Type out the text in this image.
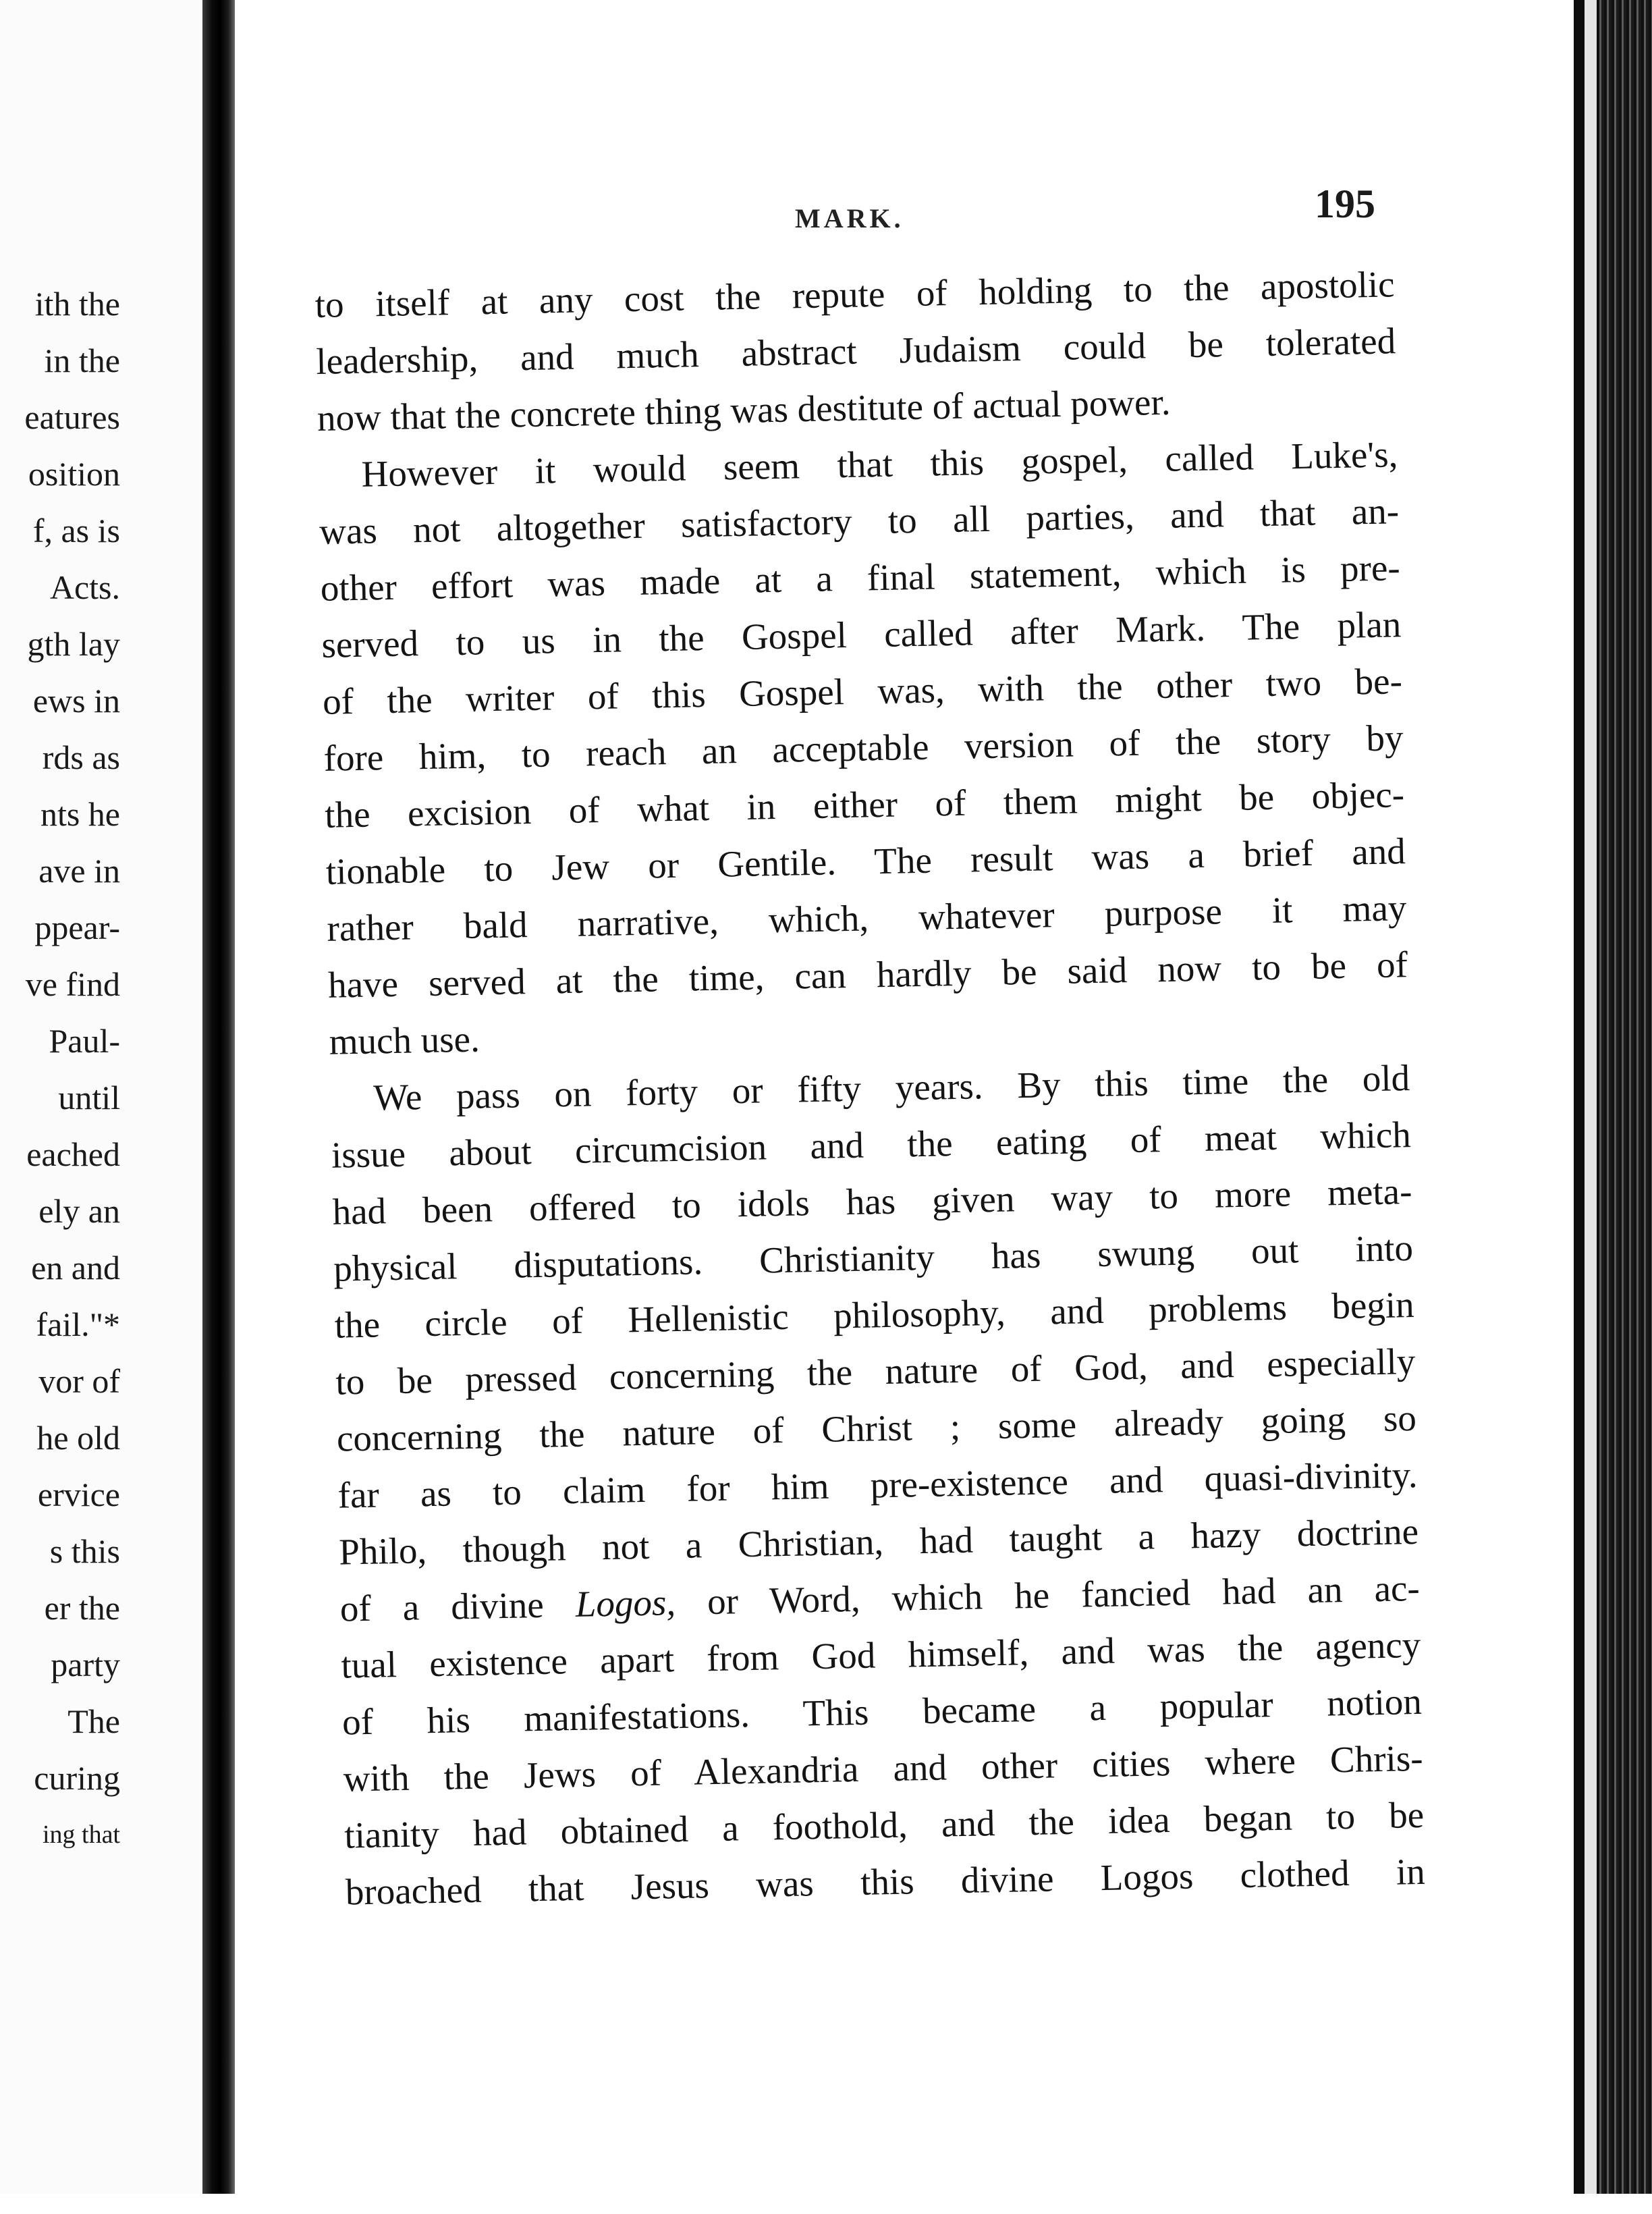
ith the
in the
eatures
osition
f, as is
Acts.
gth lay
ews in
rds as
nts he
ave in
ppear-
ve find
Paul-
until
eached
ely an
en and
fail."*
vor of
he old
ervice
s this
er the
party
The
curing
ing that
MARK.	195
to itself at any cost the repute of holding to the apostolic
leadership, and much abstract Judaism could be tolerated
now that the concrete thing was destitute of actual power.
However it would seem that this gospel, called Luke's,
was not altogether satisfactory to all parties, and that an-
other effort was made at a final statement, which is pre-
served to us in the Gospel called after Mark. The plan
of the writer of this Gospel was, with the other two be-
fore him, to reach an acceptable version of the story by
the excision of what in either of them might be objec-
tionable to Jew or Gentile. The result was a brief and
rather bald narrative, which, whatever purpose it may
have served at the time, can hardly be said now to be of
much use.
We pass on forty or fifty years. By this time the old
issue about circumcision and the eating of meat which
had been offered to idols has given way to more meta-
physical disputations. Christianity has swung out into
the circle of Hellenistic philosophy, and problems begin
to be pressed concerning the nature of God, and especially
concerning the nature of Christ ; some already going so
far as to claim for him pre-existence and quasi-divinity.
Philo, though not a Christian, had taught a hazy doctrine
of a divine Logos, or Word, which he fancied had an ac-
tual existence apart from God himself, and was the agency
of his manifestations. This became a popular notion
with the Jews of Alexandria and other cities where Chris-
tianity had obtained a foothold, and the idea began to be
broached that Jesus was this divine Logos clothed in
